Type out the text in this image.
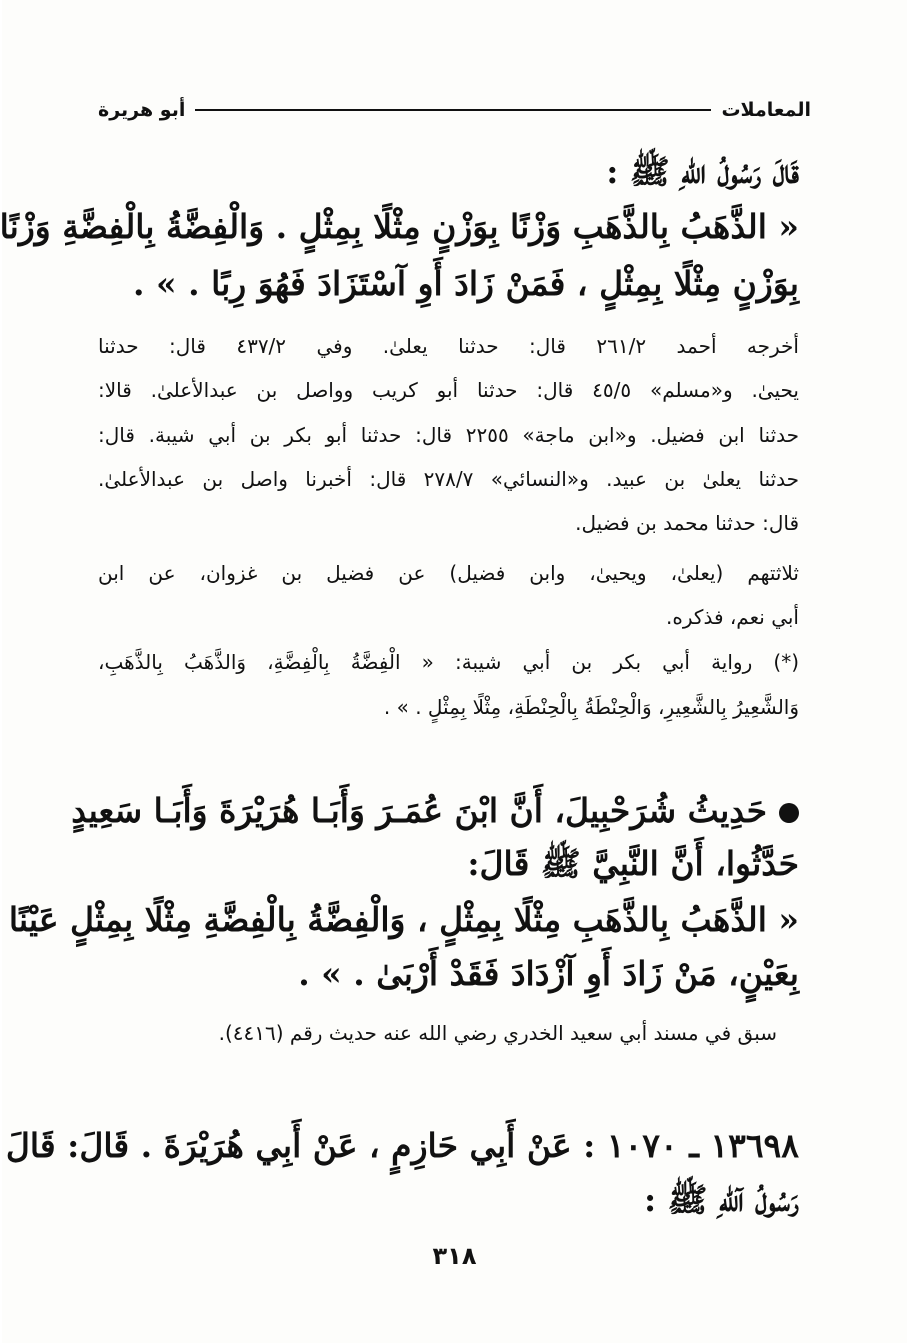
المعاملات
أبو هريرة
قَالَ رَسُولُ اللهِ ﷺ :
« الذَّهَبُ بِالذَّهَبِ وَزْنًا بِوَزْنٍ مِثْلًا بِمِثْلٍ . وَالْفِضَّةُ بِالْفِضَّةِ وَزْنًا
بِوَزْنٍ مِثْلًا بِمِثْلٍ ، فَمَنْ زَادَ أَوِ آسْتَزَادَ فَهُوَ رِبًا . » .
أخرجه أحمد ٢٦١/٢ قال: حدثنا يعلىٰ. وفي ٤٣٧/٢ قال: حدثنا
يحيىٰ. و«مسلم» ٤٥/٥ قال: حدثنا أبو كريب وواصل بن عبدالأعلىٰ. قالا:
حدثنا ابن فضيل. و«ابن ماجة» ٢٢٥٥ قال: حدثنا أبو بكر بن أبي شيبة. قال:
حدثنا يعلىٰ بن عبيد. و«النسائي» ٢٧٨/٧ قال: أخبرنا واصل بن عبدالأعلىٰ.
قال: حدثنا محمد بن فضيل.
ثلاثتهم (يعلىٰ، ويحيىٰ، وابن فضيل) عن فضيل بن غزوان، عن ابن
أبي نعم، فذكره.
(*) رواية أبي بكر بن أبي شيبة: « الْفِضَّةُ بِالْفِضَّةِ، وَالذَّهَبُ بِالذَّهَبِ،
وَالشَّعِيرُ بِالشَّعِيرِ، وَالْحِنْطَةُ بِالْحِنْطَةِ، مِثْلًا بِمِثْلٍ . » .
حَدِيثُ شُرَحْبِيلَ، أَنَّ ابْنَ عُمَـرَ وَأَبَـا هُرَيْرَةَ وَأَبَـا سَعِيدٍ
حَدَّثُوا، أَنَّ النَّبِيَّ ﷺ قَالَ:
« الذَّهَبُ بِالذَّهَبِ مِثْلًا بِمِثْلٍ ، وَالْفِضَّةُ بِالْفِضَّةِ مِثْلًا بِمِثْلٍ عَيْنًا
بِعَيْنٍ، مَنْ زَادَ أَوِ آزْدَادَ فَقَدْ أَرْبَىٰ . » .
سبق في مسند أبي سعيد الخدري رضي الله عنه حديث رقم (٤٤١٦).
١٣٦٩٨ ـ ١٠٧٠ : عَنْ أَبِي حَازِمٍ ، عَنْ أَبِي هُرَيْرَةَ . قَالَ: قَالَ
رَسُولُ آللهِ ﷺ :
٣١٨
